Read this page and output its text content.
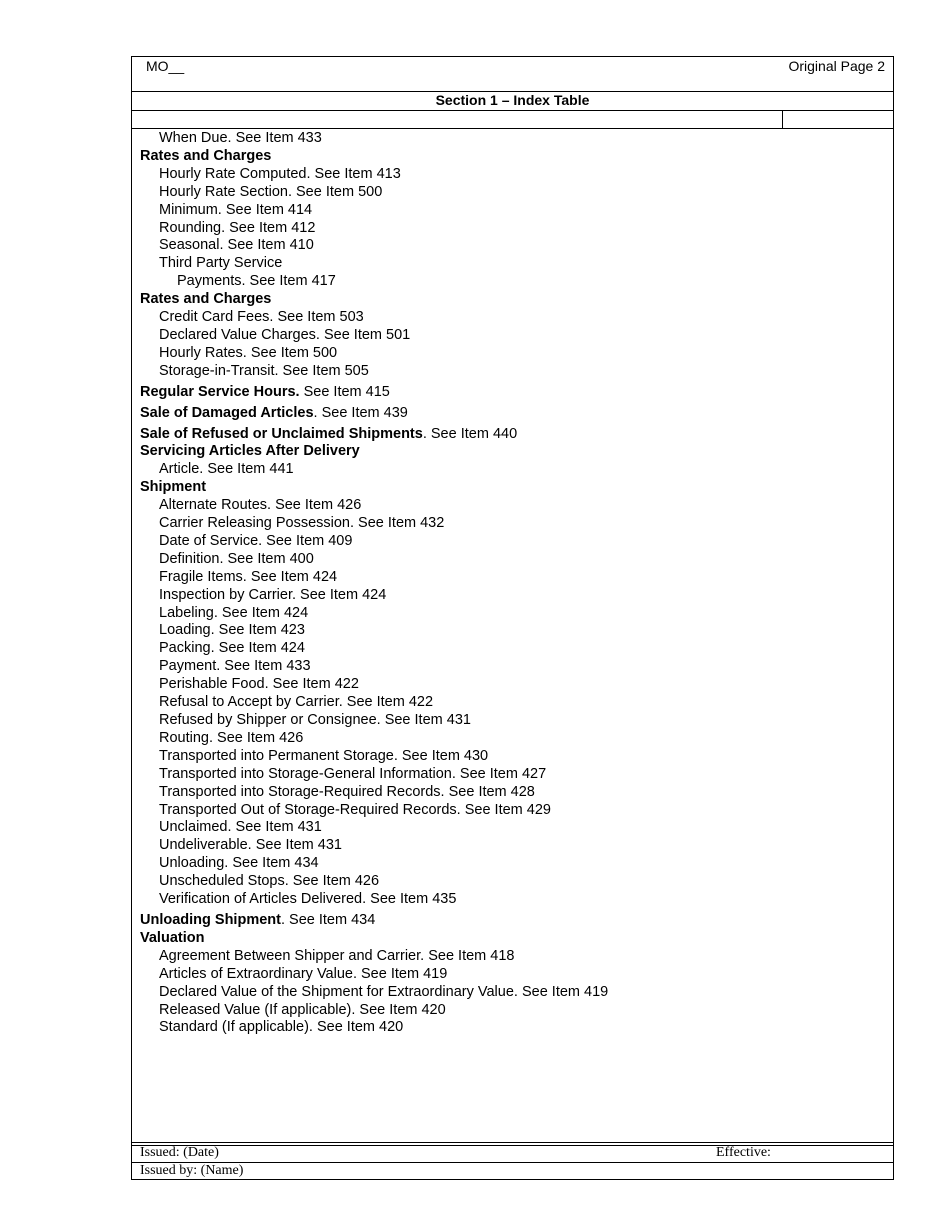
MO__	Original Page 2
Section 1 – Index Table
When Due. See Item 433
Rates and Charges
Hourly Rate Computed. See Item 413
Hourly Rate Section. See Item 500
Minimum. See Item 414
Rounding. See Item 412
Seasonal. See Item 410
Third Party Service
Payments. See Item 417
Rates and Charges
Credit Card Fees. See Item 503
Declared Value Charges. See Item 501
Hourly Rates. See Item 500
Storage-in-Transit. See Item 505
Regular Service Hours. See Item 415
Sale of Damaged Articles. See Item 439
Sale of Refused or Unclaimed Shipments. See Item 440
Servicing Articles After Delivery
Article. See Item 441
Shipment
Alternate Routes. See Item 426
Carrier Releasing Possession. See Item 432
Date of Service. See Item 409
Definition. See Item 400
Fragile Items. See Item 424
Inspection by Carrier. See Item 424
Labeling. See Item 424
Loading. See Item 423
Packing. See Item 424
Payment. See Item 433
Perishable Food. See Item 422
Refusal to Accept by Carrier. See Item 422
Refused by Shipper or Consignee. See Item 431
Routing. See Item 426
Transported into Permanent Storage. See Item 430
Transported into Storage-General Information. See Item 427
Transported into Storage-Required Records. See Item 428
Transported Out of Storage-Required Records. See Item 429
Unclaimed. See Item 431
Undeliverable. See Item 431
Unloading. See Item 434
Unscheduled Stops. See Item 426
Verification of Articles Delivered. See Item 435
Unloading Shipment. See Item 434
Valuation
Agreement Between Shipper and Carrier. See Item 418
Articles of Extraordinary Value. See Item 419
Declared Value of the Shipment for Extraordinary Value. See Item 419
Released Value (If applicable). See Item 420
Standard (If applicable). See Item 420
Issued: (Date)	Effective:
Issued by: (Name)
